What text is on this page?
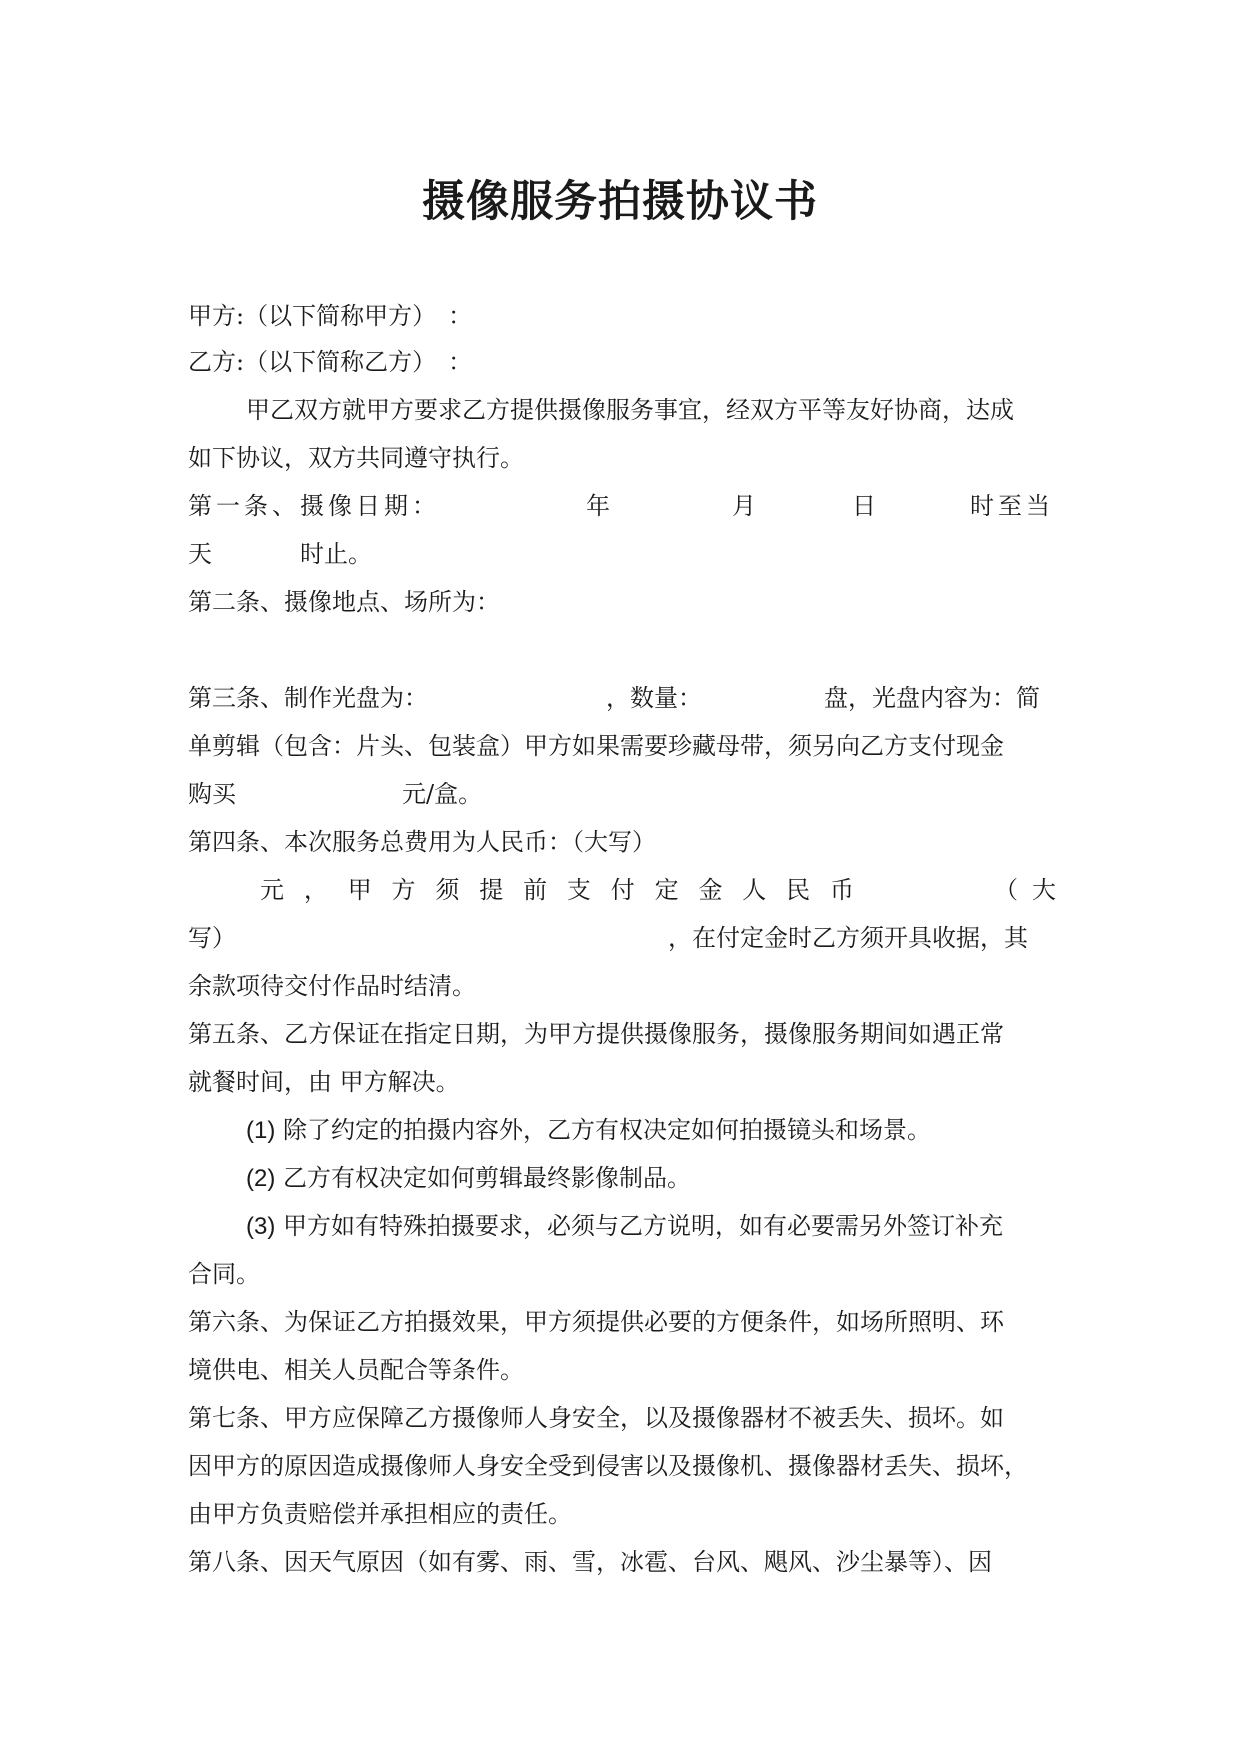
摄像服务拍摄协议书
甲方:（以下简称甲方）　：
乙方:（以下简称乙方）　：
甲乙双方就甲方要求乙方提供摄像服务事宜，经双方平等友好协商，达成
如下协议，双方共同遵守执行。
第一条、摄像日期：	年	月	日	时至当
天	时止。
第二条、摄像地点、场所为：
第三条、制作光盘为：	，数量：	盘，光盘内容为：简
单剪辑（包含：片头、包装盒）甲方如果需要珍藏母带，须另向乙方支付现金
购买	元/盒。
第四条、本次服务总费用为人民币：（大写）
元 ， 甲 方 须 提 前 支 付 定 金 人 民 币	（大
写）	，在付定金时乙方须开具收据，其
余款项待交付作品时结清。
第五条、乙方保证在指定日期，为甲方提供摄像服务，摄像服务期间如遇正常
就餐时间，由 甲方解决。
(1) 除了约定的拍摄内容外，乙方有权决定如何拍摄镜头和场景。
(2) 乙方有权决定如何剪辑最终影像制品。
(3) 甲方如有特殊拍摄要求，必须与乙方说明，如有必要需另外签订补充
合同。
第六条、为保证乙方拍摄效果，甲方须提供必要的方便条件，如场所照明、环
境供电、相关人员配合等条件。
第七条、甲方应保障乙方摄像师人身安全，以及摄像器材不被丢失、损坏。如
因甲方的原因造成摄像师人身安全受到侵害以及摄像机、摄像器材丢失、损坏，
由甲方负责赔偿并承担相应的责任。
第八条、因天气原因（如有雾、雨、雪，冰雹、台风、飓风、沙尘暴等）、因
